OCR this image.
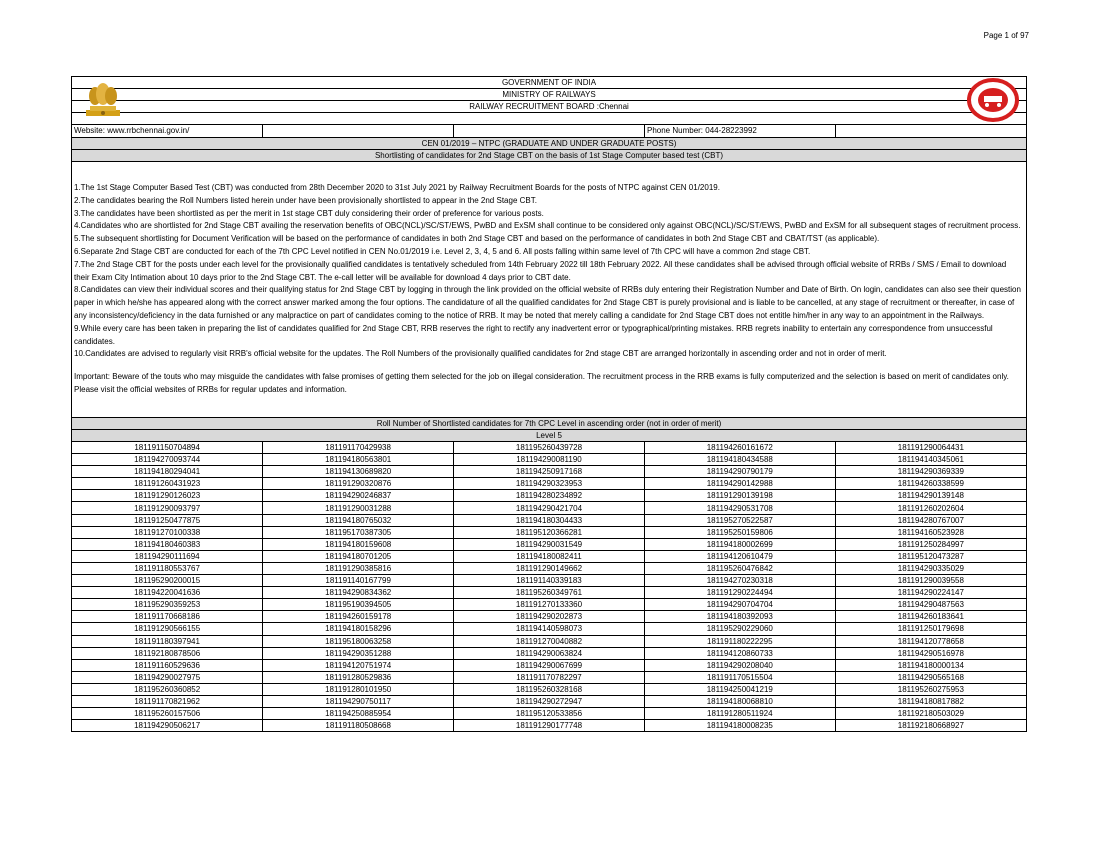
Page 1 of 97
GOVERNMENT OF INDIA
MINISTRY OF RAILWAYS
RAILWAY RECRUITMENT BOARD :Chennai
Website: www.rrbchennai.gov.in/	Phone Number: 044-28223992
CEN 01/2019 – NTPC (GRADUATE AND UNDER GRADUATE POSTS)
Shortlisting of candidates for 2nd Stage CBT on the basis of 1st Stage Computer based test (CBT)

1.The 1st Stage Computer Based Test (CBT) was conducted from 28th December 2020 to 31st July 2021 by Railway Recruitment Boards for the posts of NTPC against CEN 01/2019.

2.The candidates bearing the Roll Numbers listed herein under have been provisionally shortlisted to appear in the 2nd Stage CBT.

3.The candidates have been shortlisted as per the merit in 1st stage CBT duly considering their order of preference for various posts.

4.Candidates who are shortlisted for 2nd Stage CBT availing the reservation benefits of OBC(NCL)/SC/ST/EWS, PwBD and ExSM shall continue to be considered only against OBC(NCL)/SC/ST/EWS, PwBD and ExSM for all subsequent stages of recruitment process.

5.The subsequent shortlisting for Document Verification will be based on the performance of candidates in both 2nd Stage CBT and based on the performance of candidates in both 2nd Stage CBT and CBAT/TST (as applicable).

6.Separate 2nd Stage CBT are conducted for each of the 7th CPC Level notified in CEN No.01/2019 i.e. Level 2, 3, 4, 5 and 6. All posts falling within same level of 7th CPC will have a common 2nd stage CBT.

7.The 2nd Stage CBT for the posts under each level for the provisionally qualified candidates is tentatively scheduled from 14th February 2022 till 18th February 2022. All these candidates shall be advised through official website of RRBs / SMS / Email to download their Exam City Intimation about 10 days prior to the 2nd Stage CBT. The e-call letter will be available for download 4 days prior to CBT date.

8.Candidates can view their individual scores and their qualifying status for 2nd Stage CBT by logging in through the link provided on the official website of RRBs duly entering their Registration Number and Date of Birth. On login, candidates can also see their question paper in which he/she has appeared along with the correct answer marked among the four options. The candidature of all the qualified candidates for 2nd Stage CBT is purely provisional and is liable to be cancelled, at any stage of recruitment or thereafter, in case of any inconsistency/deficiency in the data furnished or any malpractice on part of candidates coming to the notice of RRB. It may be noted that merely calling a candidate for 2nd Stage CBT does not entitle him/her in any way to an appointment in the Railways.

9.While every care has been taken in preparing the list of candidates qualified for 2nd Stage CBT, RRB reserves the right to rectify any inadvertent error or typographical/printing mistakes. RRB regrets inability to entertain any correspondence from unsuccessful candidates.

10.Candidates are advised to regularly visit RRB's official website for the updates. The Roll Numbers of the provisionally qualified candidates for 2nd stage CBT are arranged horizontally in ascending order and not in order of merit.

Important: Beware of the touts who may misguide the candidates with false promises of getting them selected for the job on illegal consideration. The recruitment process in the RRB exams is fully computerized and the selection is based on merit of candidates only. Please visit the official websites of RRBs for regular updates and information.

Roll Number of Shortlisted candidates for 7th CPC Level in ascending order (not in order of merit)
Level 5
181191150704894	181191170429938	181195260439728	181194260161672	181191290064431
181194270093744	181194180563801	181194290081190	181194180434588	181194140345061
181194180294041	181194130689820	181194250917168	181194290790179	181194290369339
181191260431923	181191290320876	181194290323953	181194290142988	181194260338599
181191290126023	181194290246837	181194280234892	181191290139198	181194290139148
181191290093797	181191290031288	181194290421704	181194290531708	181191260202604
181191250477875	181194180765032	181194180304433	181195270522587	181194280767007
181191270100338	181195170387305	181195120366281	181195250159806	181194160523928
181194180460383	181194180159608	181194290031549	181194180002699	181191250284997
181194290111694	181194180701205	181194180082411	181194120610479	181195120473287
181191180553767	181191290385816	181191290149662	181195260476842	181194290335029
181195290200015	181191140167799	181191140339183	181194270230318	181191290039558
181194220041636	181194290834362	181195260349761	181191290224494	181194290224147
181195290359253	181195190394505	181191270133360	181194290704704	181194290487563
181191170668186	181194260159178	181194290202873	181194180392093	181194260183641
181191290566155	181194180158296	181194140598073	181195290229060	181191250179698
181191180397941	181195180063258	181191270040882	181191180222295	181194120778658
181192180878506	181194290351288	181194290063824	181194120860733	181194290516978
181191160529636	181194120751974	181194290067699	181194290208040	181194180000134
181194290027975	181191280529836	181191170782297	181191170515504	181194290565168
181195260360852	181191280101950	181195260328168	181194250041219	181195260275953
181191170821962	181194290750117	181194290272947	181194180068810	181194180817882
181195260157506	181194250885954	181195120533856	181191280511924	181192180503029
181194290506217	181191180508668	181191290177748	181194180008235	181192180668927
